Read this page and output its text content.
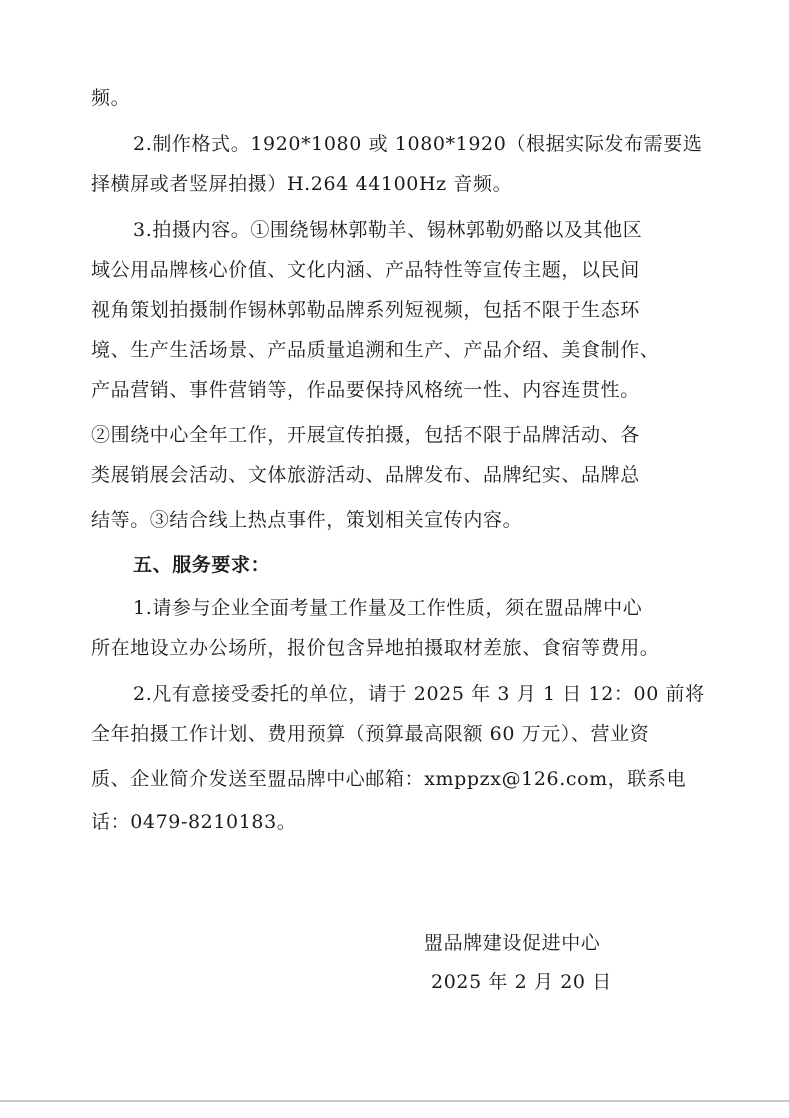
频。
2.制作格式。1920*1080 或 1080*1920（根据实际发布需要选
择横屏或者竖屏拍摄）H.264 44100Hz 音频。
3.拍摄内容。①围绕锡林郭勒羊、锡林郭勒奶酪以及其他区
域公用品牌核心价值、文化内涵、产品特性等宣传主题，以民间
视角策划拍摄制作锡林郭勒品牌系列短视频，包括不限于生态环
境、生产生活场景、产品质量追溯和生产、产品介绍、美食制作、
产品营销、事件营销等，作品要保持风格统一性、内容连贯性。
②围绕中心全年工作，开展宣传拍摄，包括不限于品牌活动、各
类展销展会活动、文体旅游活动、品牌发布、品牌纪实、品牌总
结等。③结合线上热点事件，策划相关宣传内容。
五、服务要求：
1.请参与企业全面考量工作量及工作性质，须在盟品牌中心
所在地设立办公场所，报价包含异地拍摄取材差旅、食宿等费用。
2.凡有意接受委托的单位，请于 2025 年 3 月 1 日 12：00 前将
全年拍摄工作计划、费用预算（预算最高限额 60 万元）、营业资
质、企业简介发送至盟品牌中心邮箱：xmppzx@126.com，联系电
话：0479-8210183。
盟品牌建设促进中心
2025 年 2 月 20 日
